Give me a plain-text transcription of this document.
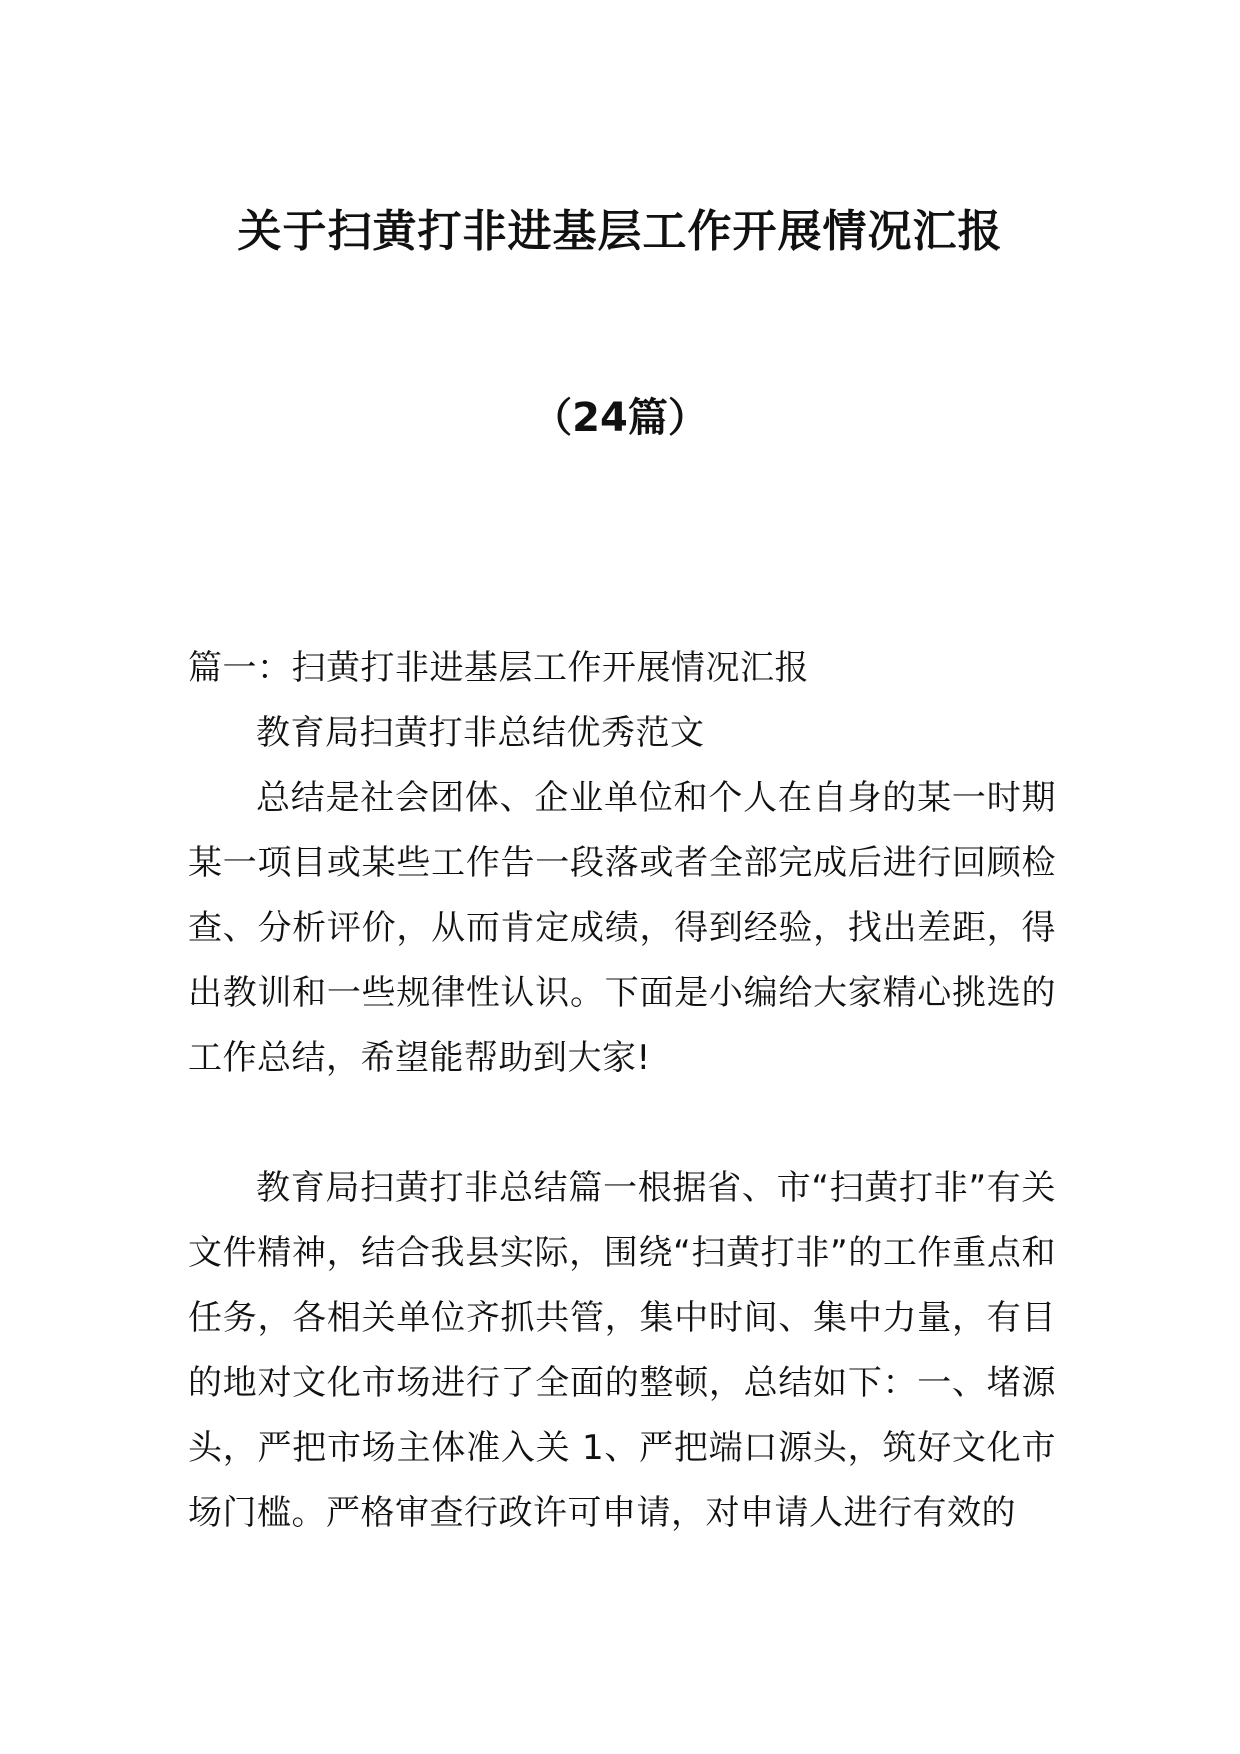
关于扫黄打非进基层工作开展情况汇报
（24篇）

篇一：扫黄打非进基层工作开展情况汇报

教育局扫黄打非总结优秀范文

总结是社会团体、企业单位和个人在自身的某一时期某一项目或某些工作告一段落或者全部完成后进行回顾检查、分析评价，从而肯定成绩，得到经验，找出差距，得出教训和一些规律性认识。下面是小编给大家精心挑选的工作总结，希望能帮助到大家!

教育局扫黄打非总结篇一根据省、市“扫黄打非”有关文件精神，结合我县实际，围绕“扫黄打非”的工作重点和任务，各相关单位齐抓共管，集中时间、集中力量，有目的地对文化市场进行了全面的整顿，总结如下：一、堵源头，严把市场主体准入关 1、严把端口源头，筑好文化市场门槛。严格审查行政许可申请，对申请人进行有效的
